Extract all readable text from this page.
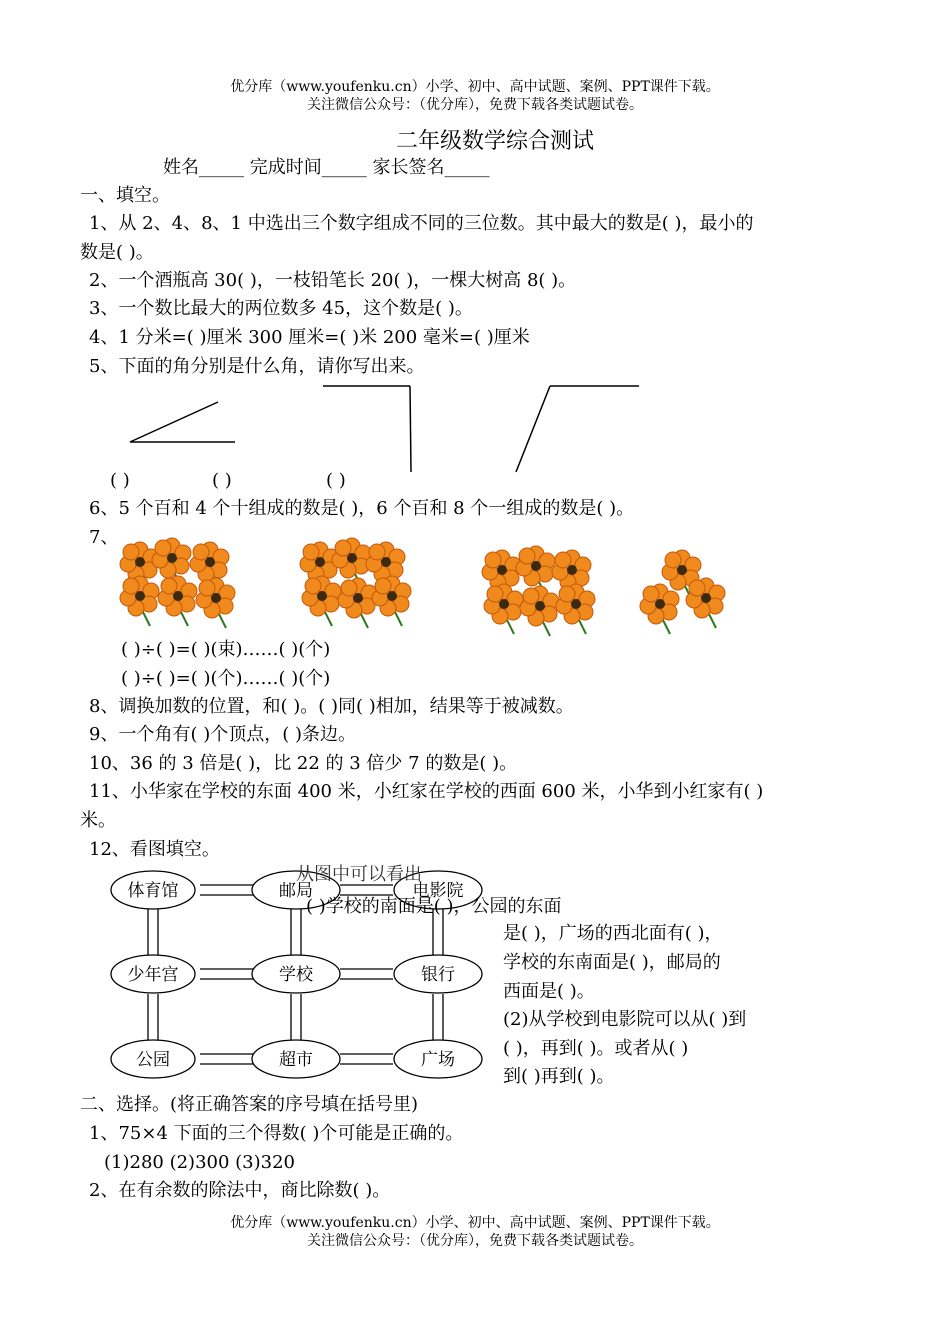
优分库（www.youfenku.cn）小学、初中、高中试题、案例、PPT课件下载。
关注微信公众号：（优分库），免费下载各类试题试卷。
二年级数学综合测试
姓名_____ 完成时间_____ 家长签名_____
一、填空。
1、从 2、4、8、1 中选出三个数字组成不同的三位数。其中最大的数是( )，最小的
数是( )。
2、一个酒瓶高 30( )，一枝铅笔长 20( )，一棵大树高 8( )。
3、一个数比最大的两位数多 45，这个数是( )。
4、1 分米=( )厘米 300 厘米=( )米 200 毫米=( )厘米
5、下面的角分别是什么角，请你写出来。
( )	( )	( )
6、5 个百和 4 个十组成的数是( )，6 个百和 8 个一组成的数是( )。
7、
( )÷( )=( )(束)……( )(个)
( )÷( )=( )(个)……( )(个)
8、调换加数的位置，和( )。( )同( )相加，结果等于被减数。
9、一个角有( )个顶点，( )条边。
10、36 的 3 倍是( )，比 22 的 3 倍少 7 的数是( )。
11、小华家在学校的东面 400 米，小红家在学校的西面 600 米，小华到小红家有( )
米。
12、看图填空。
体育馆	邮局	电影院
少年宫	学校	银行
公园	超市	广场
从图中可以看出
( )学校的南面是( )，公园的东面
是( )，广场的西北面有( )，
学校的东南面是( )，邮局的
西面是( )。
(2)从学校到电影院可以从( )到
( )，再到( )。或者从( )
到( )再到( )。
二、选择。(将正确答案的序号填在括号里)
1、75×4 下面的三个得数( )个可能是正确的。
(1)280 (2)300 (3)320
2、在有余数的除法中，商比除数( )。
优分库（www.youfenku.cn）小学、初中、高中试题、案例、PPT课件下载。
关注微信公众号：（优分库），免费下载各类试题试卷。
